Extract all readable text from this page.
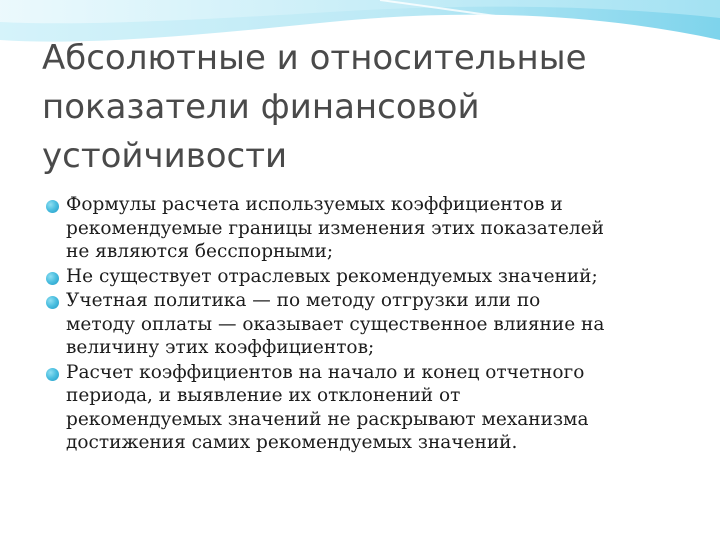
Абсолютные и относительные
показатели финансовой
устойчивости
Формулы расчета используемых коэффициентов и
рекомендуемые границы изменения этих показателей
не являются бесспорными;
Не существует отраслевых рекомендуемых значений;
Учетная политика — по методу отгрузки или по
методу оплаты — оказывает существенное влияние на
величину этих коэффициентов;
Расчет коэффициентов на начало и конец отчетного
периода, и выявление их отклонений от
рекомендуемых значений не раскрывают механизма
достижения самих рекомендуемых значений.
